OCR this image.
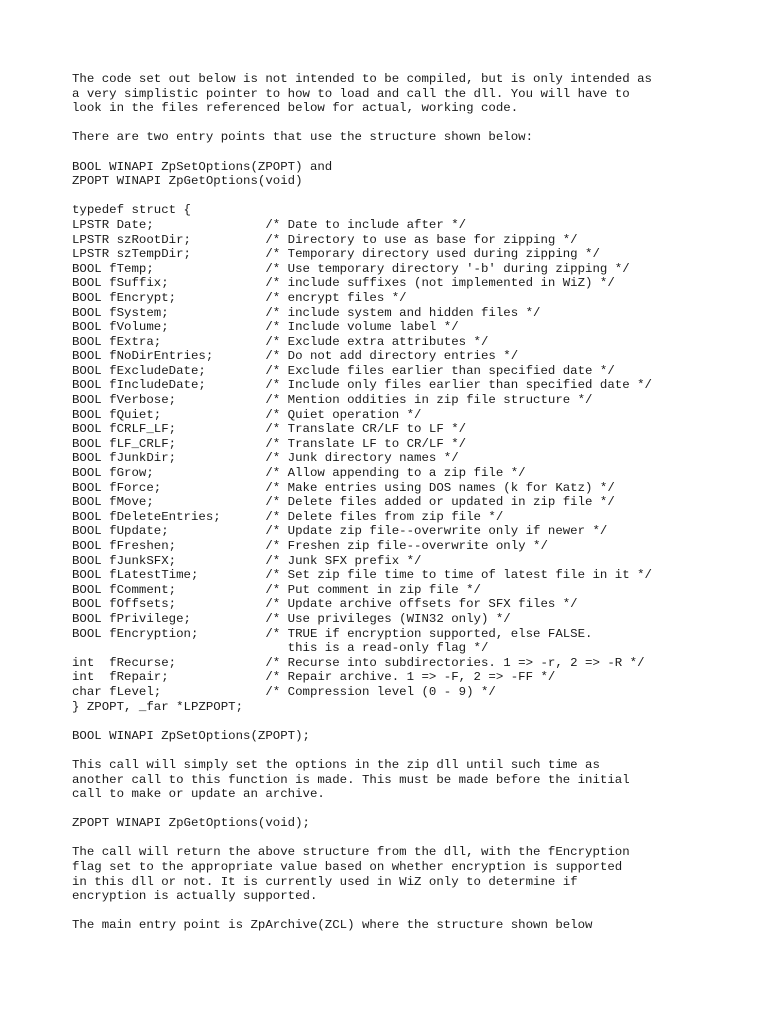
The code set out below is not intended to be compiled, but is only intended as
a very simplistic pointer to how to load and call the dll. You will have to
look in the files referenced below for actual, working code.
There are two entry points that use the structure shown below:
BOOL WINAPI ZpSetOptions(ZPOPT) and
ZPOPT WINAPI ZpGetOptions(void)
typedef struct {
LPSTR Date;               /* Date to include after */
LPSTR szRootDir;          /* Directory to use as base for zipping */
LPSTR szTempDir;          /* Temporary directory used during zipping */
BOOL fTemp;               /* Use temporary directory '-b' during zipping */
BOOL fSuffix;             /* include suffixes (not implemented in WiZ) */
BOOL fEncrypt;            /* encrypt files */
BOOL fSystem;             /* include system and hidden files */
BOOL fVolume;             /* Include volume label */
BOOL fExtra;              /* Exclude extra attributes */
BOOL fNoDirEntries;       /* Do not add directory entries */
BOOL fExcludeDate;        /* Exclude files earlier than specified date */
BOOL fIncludeDate;        /* Include only files earlier than specified date */
BOOL fVerbose;            /* Mention oddities in zip file structure */
BOOL fQuiet;              /* Quiet operation */
BOOL fCRLF_LF;            /* Translate CR/LF to LF */
BOOL fLF_CRLF;            /* Translate LF to CR/LF */
BOOL fJunkDir;            /* Junk directory names */
BOOL fGrow;               /* Allow appending to a zip file */
BOOL fForce;              /* Make entries using DOS names (k for Katz) */
BOOL fMove;               /* Delete files added or updated in zip file */
BOOL fDeleteEntries;      /* Delete files from zip file */
BOOL fUpdate;             /* Update zip file--overwrite only if newer */
BOOL fFreshen;            /* Freshen zip file--overwrite only */
BOOL fJunkSFX;            /* Junk SFX prefix */
BOOL fLatestTime;         /* Set zip file time to time of latest file in it */
BOOL fComment;            /* Put comment in zip file */
BOOL fOffsets;            /* Update archive offsets for SFX files */
BOOL fPrivilege;          /* Use privileges (WIN32 only) */
BOOL fEncryption;         /* TRUE if encryption supported, else FALSE.
this is a read-only flag */
int  fRecurse;            /* Recurse into subdirectories. 1 => -r, 2 => -R */
int  fRepair;             /* Repair archive. 1 => -F, 2 => -FF */
char fLevel;              /* Compression level (0 - 9) */
} ZPOPT, _far *LPZPOPT;
BOOL WINAPI ZpSetOptions(ZPOPT);
This call will simply set the options in the zip dll until such time as
another call to this function is made. This must be made before the initial
call to make or update an archive.
ZPOPT WINAPI ZpGetOptions(void);
The call will return the above structure from the dll, with the fEncryption
flag set to the appropriate value based on whether encryption is supported
in this dll or not. It is currently used in WiZ only to determine if
encryption is actually supported.
The main entry point is ZpArchive(ZCL) where the structure shown below
